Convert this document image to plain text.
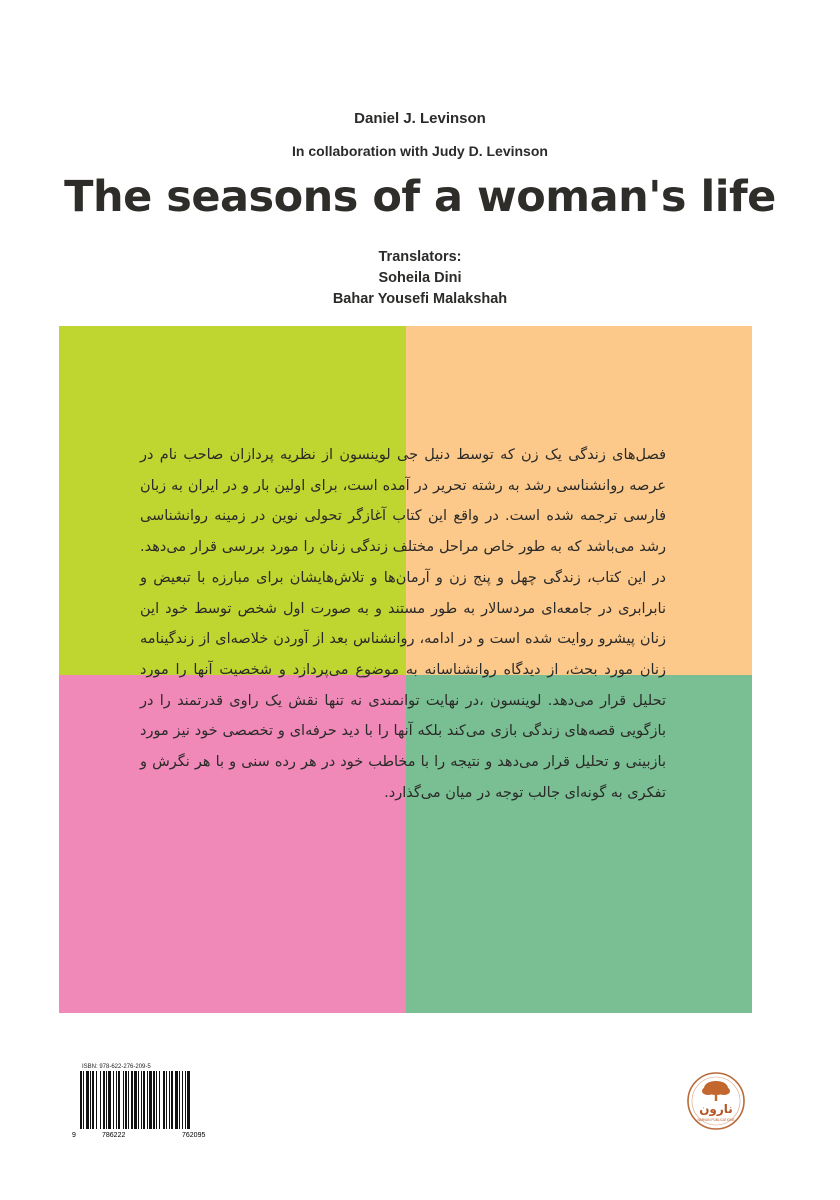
Daniel J. Levinson
In collaboration with Judy D. Levinson
The seasons of a woman's life
Translators:
Soheila Dini
Bahar Yousefi Malakshah

فصل‌های زندگی یک زن که توسط دنیل جی لوینسون از نظریه پردازان صاحب نام در عرصه روانشناسی رشد به رشته تحریر در آمده است، برای اولین بار و در ایران به زبان فارسی ترجمه شده است. در واقع این کتاب آغازگر تحولی نوین در زمینه روانشناسی رشد می‌باشد که به طور خاص مراحل مختلف زندگی زنان را مورد بررسی قرار می‌دهد. در این کتاب، زندگی چهل و پنج زن و آرمان‌ها و تلاش‌هایشان برای مبارزه با تبعیض و نابرابری در جامعه‌ای مردسالار به طور مستند و به صورت اول شخص توسط خود این زنان پیشرو روایت شده است و در ادامه، روانشناس بعد از آوردن خلاصه‌ای از زندگینامه زنان مورد بحث، از دیدگاه روانشناسانه به موضوع می‌پردازد و شخصیت آنها را مورد تحلیل قرار می‌دهد. لوینسون ،در نهایت توانمندی نه تنها نقش یک راوی قدرتمند را در بازگویی قصه‌های زندگی بازی می‌کند بلکه آنها را با دید حرفه‌ای و تخصصی خود نیز مورد بازبینی و تحلیل قرار می‌دهد و نتیجه را با مخاطب خود در هر رده سنی و با هر نگرش و تفکری به گونه‌ای جالب توجه در میان می‌گذارد.

ISBN: 978-622-276-209-5
9	786222	762095
نارون
NARVAN PUBLICATIONS
